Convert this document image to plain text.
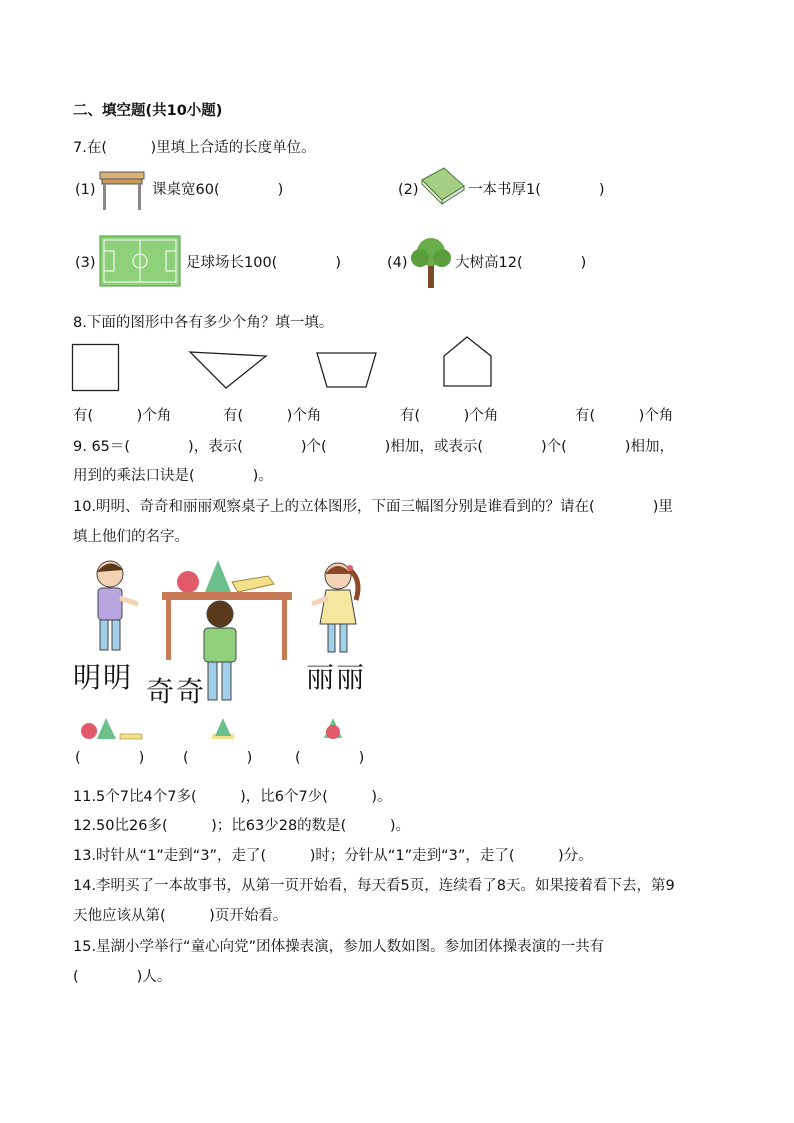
二、填空题(共10小题)
7.在(　　　)里填上合适的长度单位。
(1)	课桌宽60(　　　　)	(2)	一本书厚1(　　　　)
(3)	足球场长100(　　　　)	(4)	大树高12(　　　　)
8.下面的图形中各有多少个角？填一填。
有(　　　)个角	有(　　　)个角	有(　　　)个角	有(　　　)个角
9. 65＝(　　　　)，表示(　　　　)个(　　　　)相加，或表示(　　　　)个(　　　　)相加，
用到的乘法口诀是(　　　　)。
10.明明、奇奇和丽丽观察桌子上的立体图形，下面三幅图分别是谁看到的？请在(　　　　)里
填上他们的名字。
明明 奇奇	丽丽
(　　　　)	(　　　　)	(　　　　)
11.5个7比4个7多(　　　)，比6个7少(　　　)。
12.50比26多(　　　)；比63少28的数是(　　　)。
13.时针从“1”走到“3”，走了(　　　)时；分针从“1”走到“3”，走了(　　　)分。
14.李明买了一本故事书，从第一页开始看，每天看5页，连续看了8天。如果接着看下去，第9
天他应该从第(　　　)页开始看。
15.星湖小学举行“童心向党”团体操表演，参加人数如图。参加团体操表演的一共有
(　　　　)人。
